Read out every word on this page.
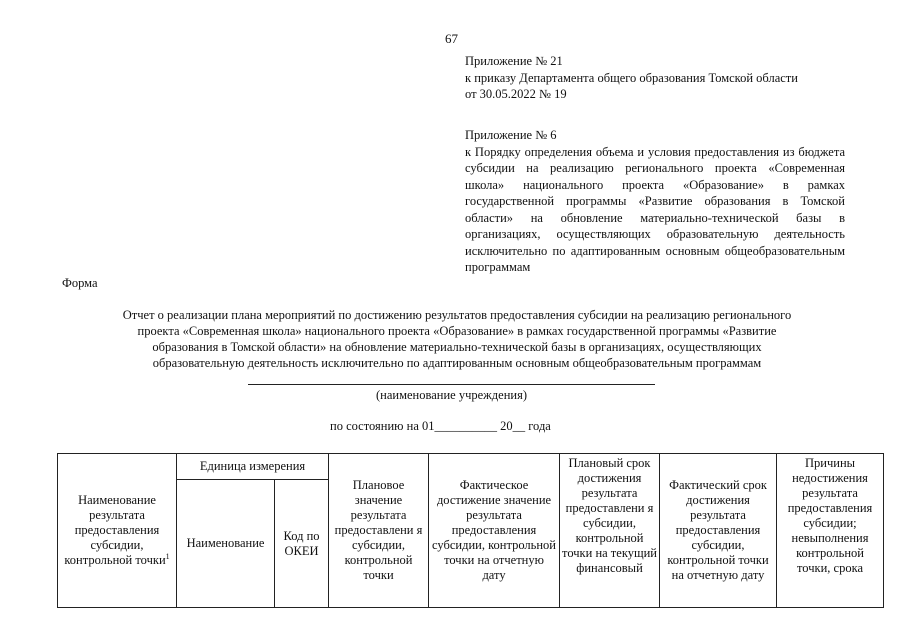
67
Приложение № 21
к приказу Департамента общего образования Томской области
от 30.05.2022 № 19
Приложение № 6
к Порядку определения объема и условия предоставления из бюджета субсидии на реализацию регионального проекта «Современная школа» национального проекта «Образование» в рамках государственной программы «Развитие образования в Томской области» на обновление материально-технической базы в организациях, осуществляющих образовательную деятельность исключительно по адаптированным основным общеобразовательным программам
Форма
Отчет о реализации плана мероприятий по достижению результатов предоставления субсидии на реализацию регионального
проекта «Современная школа» национального проекта «Образование» в рамках государственной программы «Развитие
образования в Томской области» на обновление материально-технической базы в организациях, осуществляющих
образовательную деятельность исключительно по адаптированным основным общеобразовательным программам
(наименование учреждения)
по состоянию на 01__________ 20__ года
Наименование результата предоставления субсидии, контрольной точки$^1$	Единица измерения		Плановое значение результата предоставлени я субсидии, контрольной точки	Фактическое достижение значение результата предоставления субсидии, контрольной точки на отчетную дату	Плановый срок достижения результата предоставлени я субсидии, контрольной точки на текущий финансовый	Фактический срок достижения результата предоставления субсидии, контрольной точки на отчетную дату	Причины недостижения результата предоставления субсидии; невыполнения контрольной точки, срока
	Наименование	Код по ОКЕИ					
